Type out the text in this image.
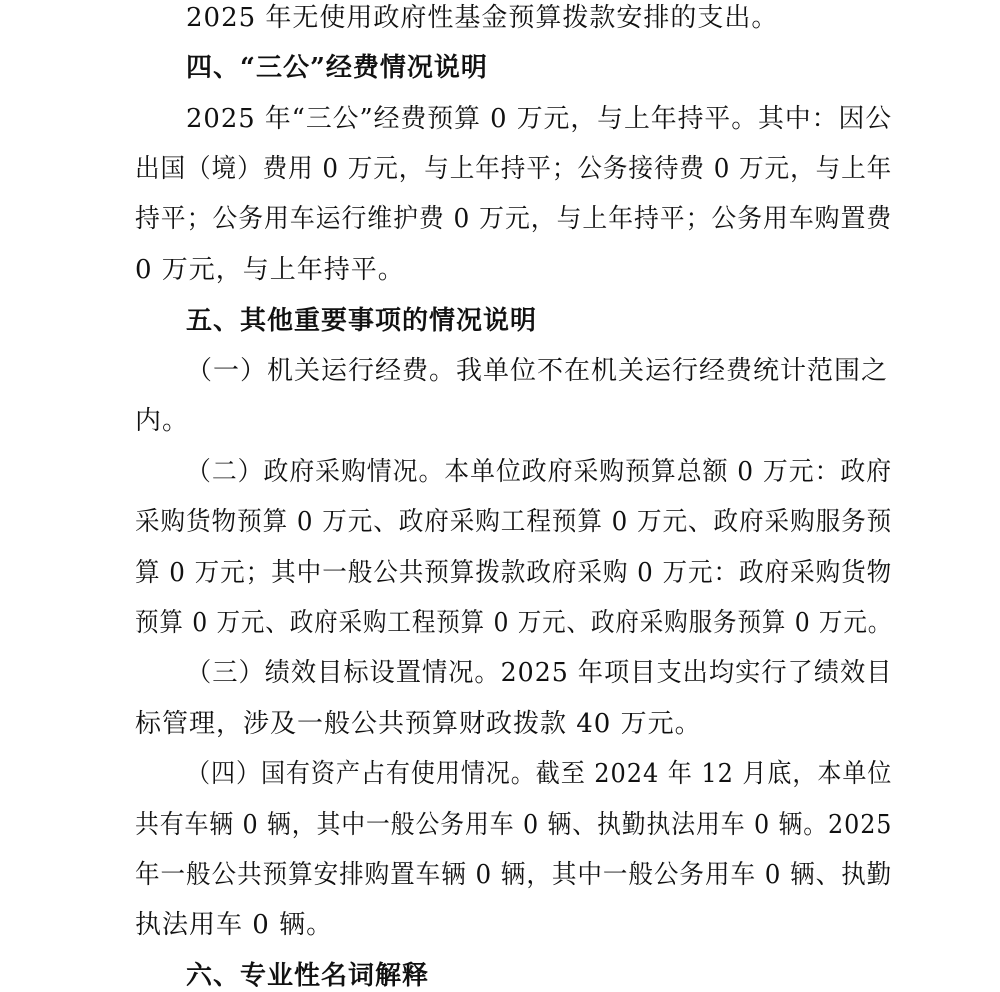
2025 年无使用政府性基金预算拨款安排的支出。
四、“三公”经费情况说明
2025 年“三公”经费预算 0 万元，与上年持平。其中：因公
出国（境）费用 0 万元，与上年持平；公务接待费 0 万元，与上年
持平；公务用车运行维护费 0 万元，与上年持平；公务用车购置费
0 万元，与上年持平。
五、其他重要事项的情况说明
（一）机关运行经费。我单位不在机关运行经费统计范围之
内。
（二）政府采购情况。本单位政府采购预算总额 0 万元：政府
采购货物预算 0 万元、政府采购工程预算 0 万元、政府采购服务预
算 0 万元；其中一般公共预算拨款政府采购 0 万元：政府采购货物
预算 0 万元、政府采购工程预算 0 万元、政府采购服务预算 0 万元。
（三）绩效目标设置情况。2025 年项目支出均实行了绩效目
标管理，涉及一般公共预算财政拨款 40 万元。
（四）国有资产占有使用情况。截至 2024 年 12 月底，本单位
共有车辆 0 辆，其中一般公务用车 0 辆、执勤执法用车 0 辆。2025
年一般公共预算安排购置车辆 0 辆，其中一般公务用车 0 辆、执勤
执法用车 0 辆。
六、专业性名词解释
